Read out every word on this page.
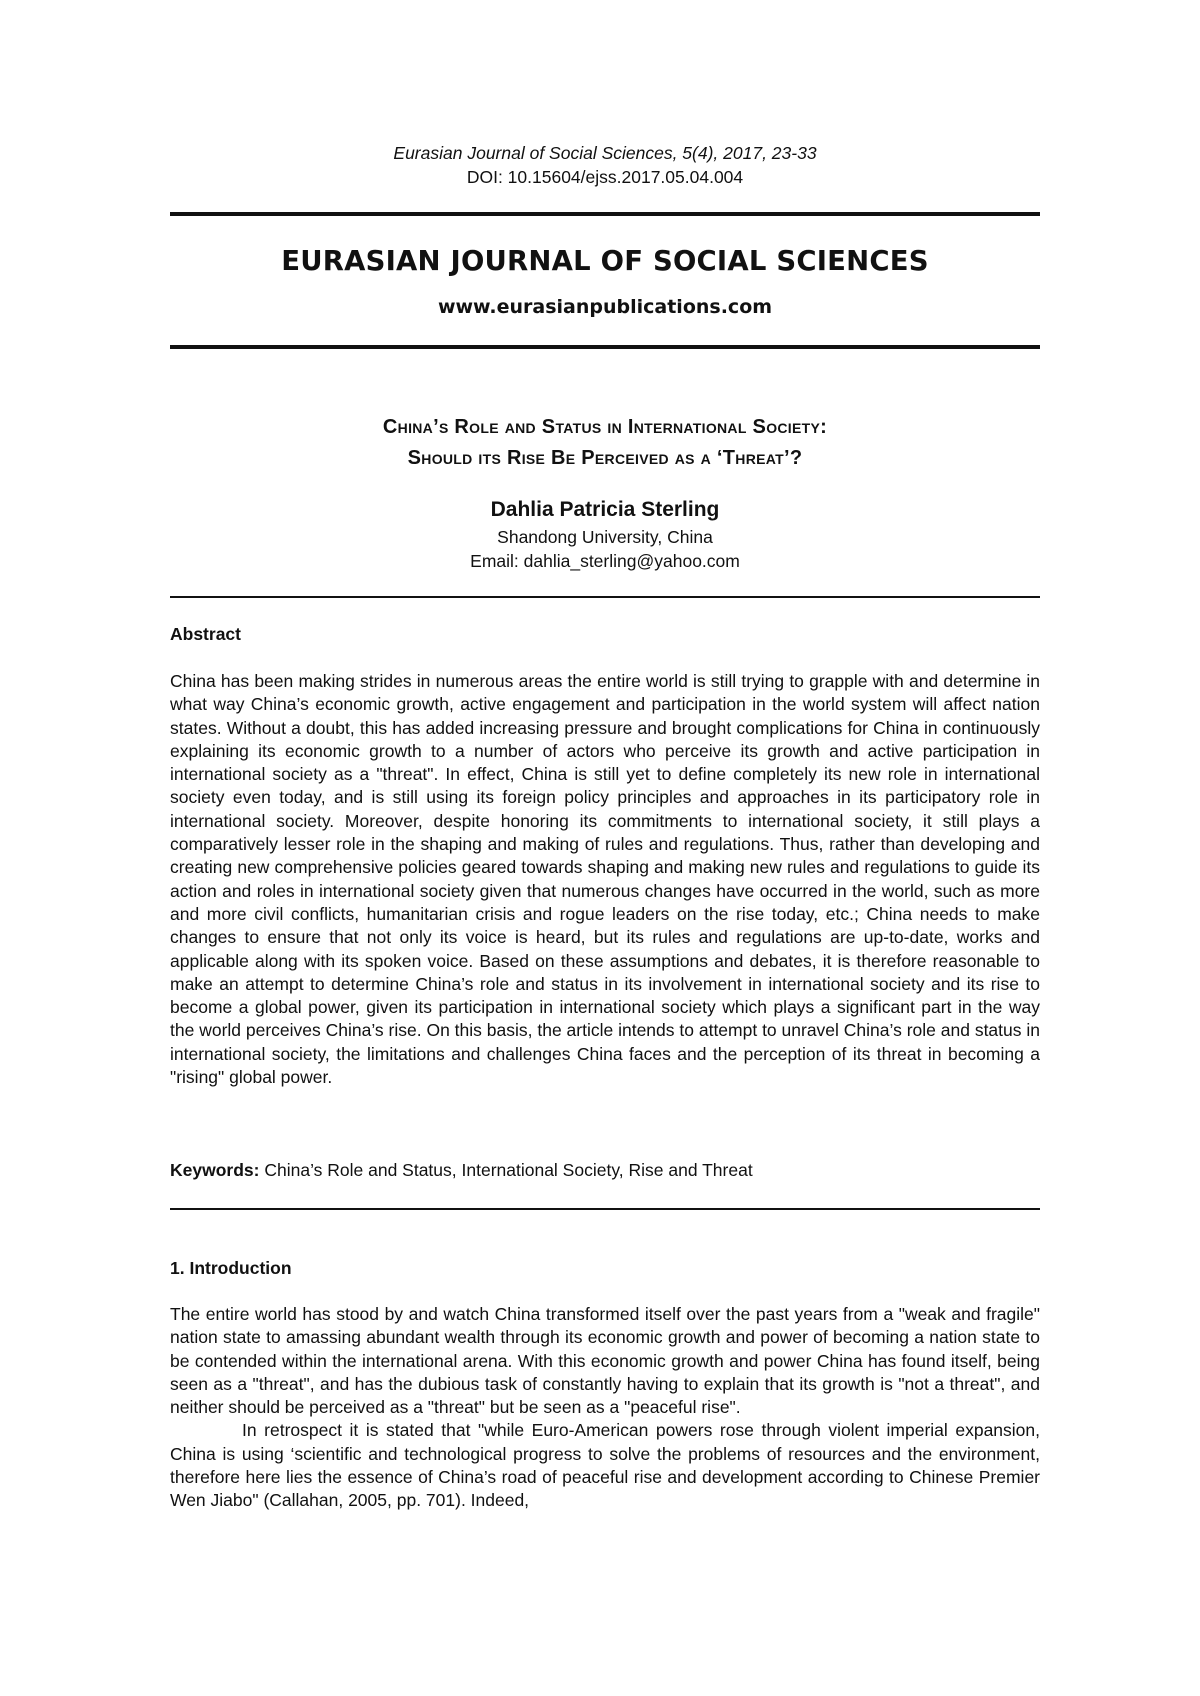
Eurasian Journal of Social Sciences, 5(4), 2017, 23-33
DOI: 10.15604/ejss.2017.05.04.004
EURASIAN JOURNAL OF SOCIAL SCIENCES
www.eurasianpublications.com
China’s Role and Status in International Society:
Should its Rise Be Perceived as a ‘Threat’?
Dahlia Patricia Sterling
Shandong University, China
Email: dahlia_sterling@yahoo.com
Abstract

China has been making strides in numerous areas the entire world is still trying to grapple with and determine in what way China’s economic growth, active engagement and participation in the world system will affect nation states. Without a doubt, this has added increasing pressure and brought complications for China in continuously explaining its economic growth to a number of actors who perceive its growth and active participation in international society as a "threat". In effect, China is still yet to define completely its new role in international society even today, and is still using its foreign policy principles and approaches in its participatory role in international society. Moreover, despite honoring its commitments to international society, it still plays a comparatively lesser role in the shaping and making of rules and regulations. Thus, rather than developing and creating new comprehensive policies geared towards shaping and making new rules and regulations to guide its action and roles in international society given that numerous changes have occurred in the world, such as more and more civil conflicts, humanitarian crisis and rogue leaders on the rise today, etc.; China needs to make changes to ensure that not only its voice is heard, but its rules and regulations are up-to-date, works and applicable along with its spoken voice. Based on these assumptions and debates, it is therefore reasonable to make an attempt to determine China’s role and status in its involvement in international society and its rise to become a global power, given its participation in international society which plays a significant part in the way the world perceives China’s rise. On this basis, the article intends to attempt to unravel China’s role and status in international society, the limitations and challenges China faces and the perception of its threat in becoming a "rising" global power.

Keywords: China’s Role and Status, International Society, Rise and Threat
1. Introduction

The entire world has stood by and watch China transformed itself over the past years from a "weak and fragile" nation state to amassing abundant wealth through its economic growth and power of becoming a nation state to be contended within the international arena. With this economic growth and power China has found itself, being seen as a "threat", and has the dubious task of constantly having to explain that its growth is "not a threat", and neither should be perceived as a "threat" but be seen as a "peaceful rise".

In retrospect it is stated that "while Euro-American powers rose through violent imperial expansion, China is using ‘scientific and technological progress to solve the problems of resources and the environment, therefore here lies the essence of China’s road of peaceful rise and development according to Chinese Premier Wen Jiabo" (Callahan, 2005, pp. 701). Indeed,
